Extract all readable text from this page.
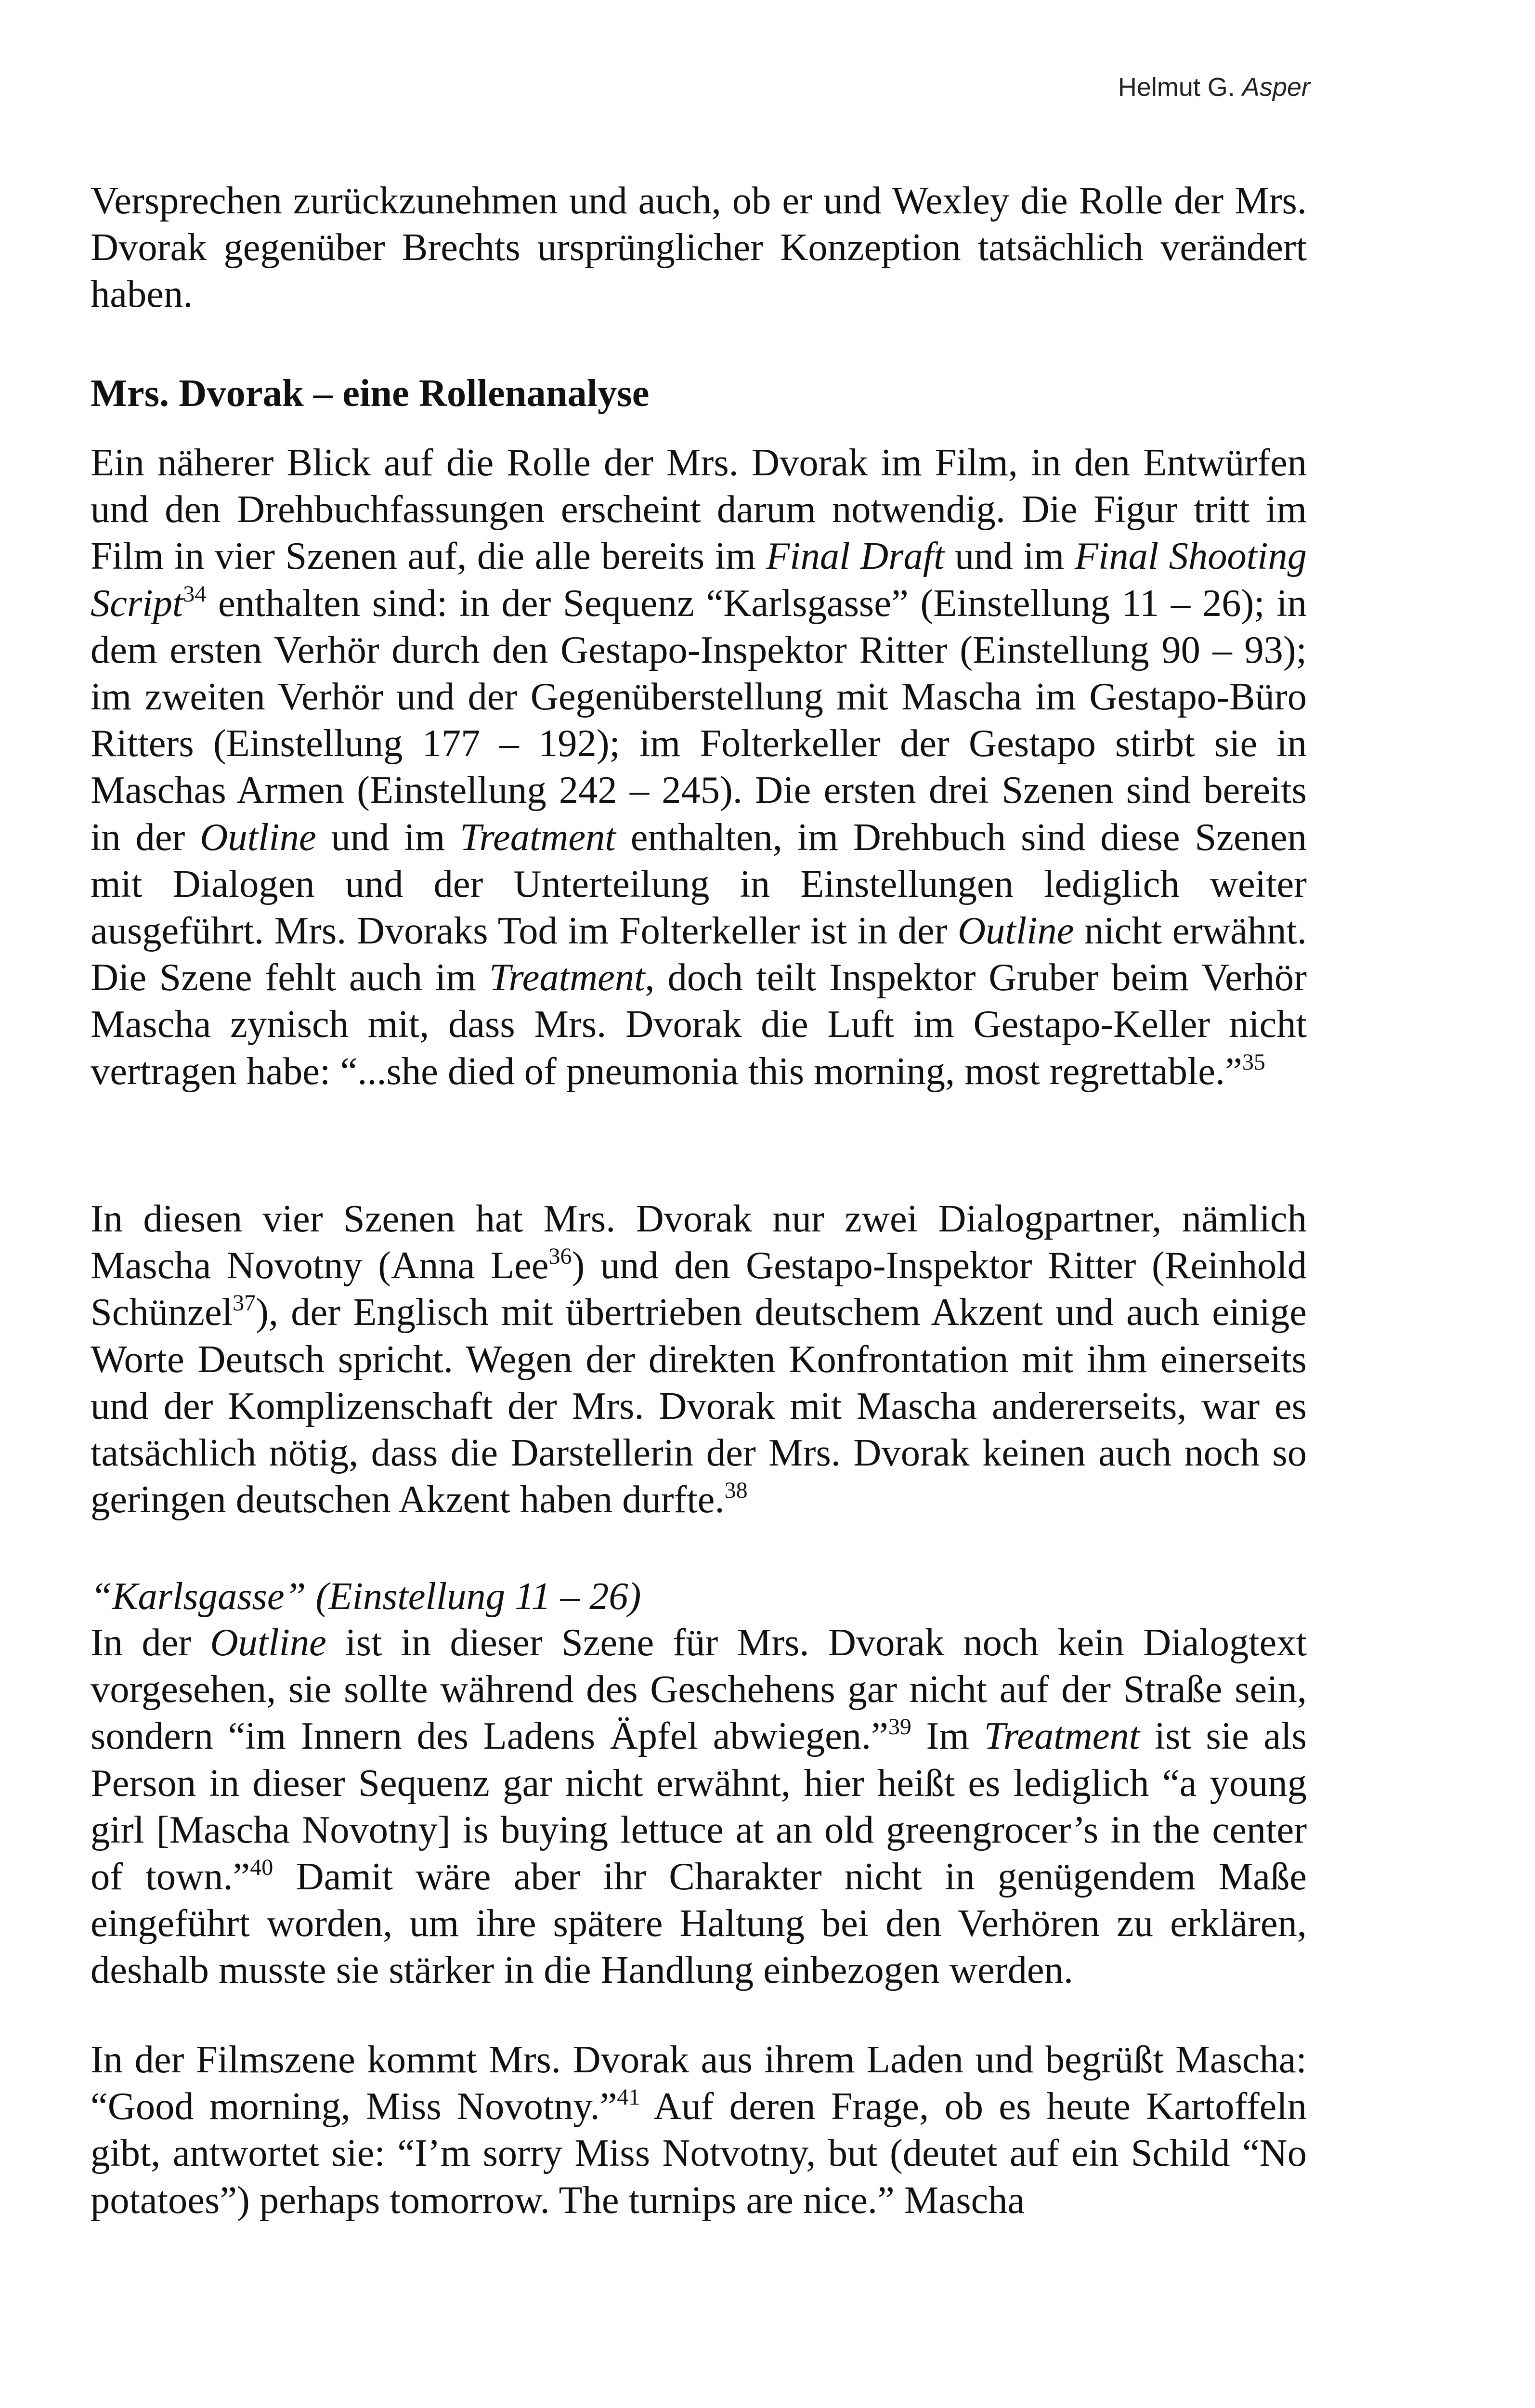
Helmut G. Asper

Versprechen zurückzunehmen und auch, ob er und Wexley die Rolle der Mrs. Dvorak gegenüber Brechts ursprünglicher Konzeption tatsächlich verändert haben.

Mrs. Dvorak – eine Rollenanalyse

Ein näherer Blick auf die Rolle der Mrs. Dvorak im Film, in den Entwürfen und den Drehbuchfassungen erscheint darum notwendig. Die Figur tritt im Film in vier Szenen auf, die alle bereits im Final Draft und im Final Shooting Script$^{34}$ enthalten sind: in der Sequenz “Karlsgasse” (Einstellung 11 – 26); in dem ersten Verhör durch den Gestapo-Inspektor Ritter (Einstellung 90 – 93); im zweiten Verhör und der Gegenüberstellung mit Mascha im Gestapo-Büro Ritters (Einstellung 177 – 192); im Folterkeller der Gestapo stirbt sie in Maschas Armen (Einstellung 242 – 245). Die ersten drei Szenen sind bereits in der Outline und im Treatment enthalten, im Drehbuch sind diese Szenen mit Dialogen und der Unterteilung in Einstellungen lediglich weiter ausgeführt. Mrs. Dvoraks Tod im Folterkeller ist in der Outline nicht erwähnt. Die Szene fehlt auch im Treatment, doch teilt Inspektor Gruber beim Verhör Mascha zynisch mit, dass Mrs. Dvorak die Luft im Gestapo-Keller nicht vertragen habe: “...she died of pneumonia this morning, most regrettable.”$^{35}$

In diesen vier Szenen hat Mrs. Dvorak nur zwei Dialogpartner, nämlich Mascha Novotny (Anna Lee$^{36}$) und den Gestapo-Inspektor Ritter (Reinhold Schünzel$^{37}$), der Englisch mit übertrieben deutschem Akzent und auch einige Worte Deutsch spricht. Wegen der direkten Konfrontation mit ihm einerseits und der Komplizenschaft der Mrs. Dvorak mit Mascha andererseits, war es tatsächlich nötig, dass die Darstellerin der Mrs. Dvorak keinen auch noch so geringen deutschen Akzent haben durfte.$^{38}$

“Karlsgasse” (Einstellung 11 – 26)

In der Outline ist in dieser Szene für Mrs. Dvorak noch kein Dialogtext vorgesehen, sie sollte während des Geschehens gar nicht auf der Straße sein, sondern “im Innern des Ladens Äpfel abwiegen.”$^{39}$ Im Treatment ist sie als Person in dieser Sequenz gar nicht erwähnt, hier heißt es lediglich “a young girl [Mascha Novotny] is buying lettuce at an old greengrocer’s in the center of town.”$^{40}$ Damit wäre aber ihr Charakter nicht in genügendem Maße eingeführt worden, um ihre spätere Haltung bei den Verhören zu erklären, deshalb musste sie stärker in die Handlung einbezogen werden.

In der Filmszene kommt Mrs. Dvorak aus ihrem Laden und begrüßt Mascha: “Good morning, Miss Novotny.”$^{41}$ Auf deren Frage, ob es heute Kartoffeln gibt, antwortet sie: “I’m sorry Miss Notvotny, but (deutet auf ein Schild “No potatoes”) perhaps tomorrow. The turnips are nice.” Mascha
